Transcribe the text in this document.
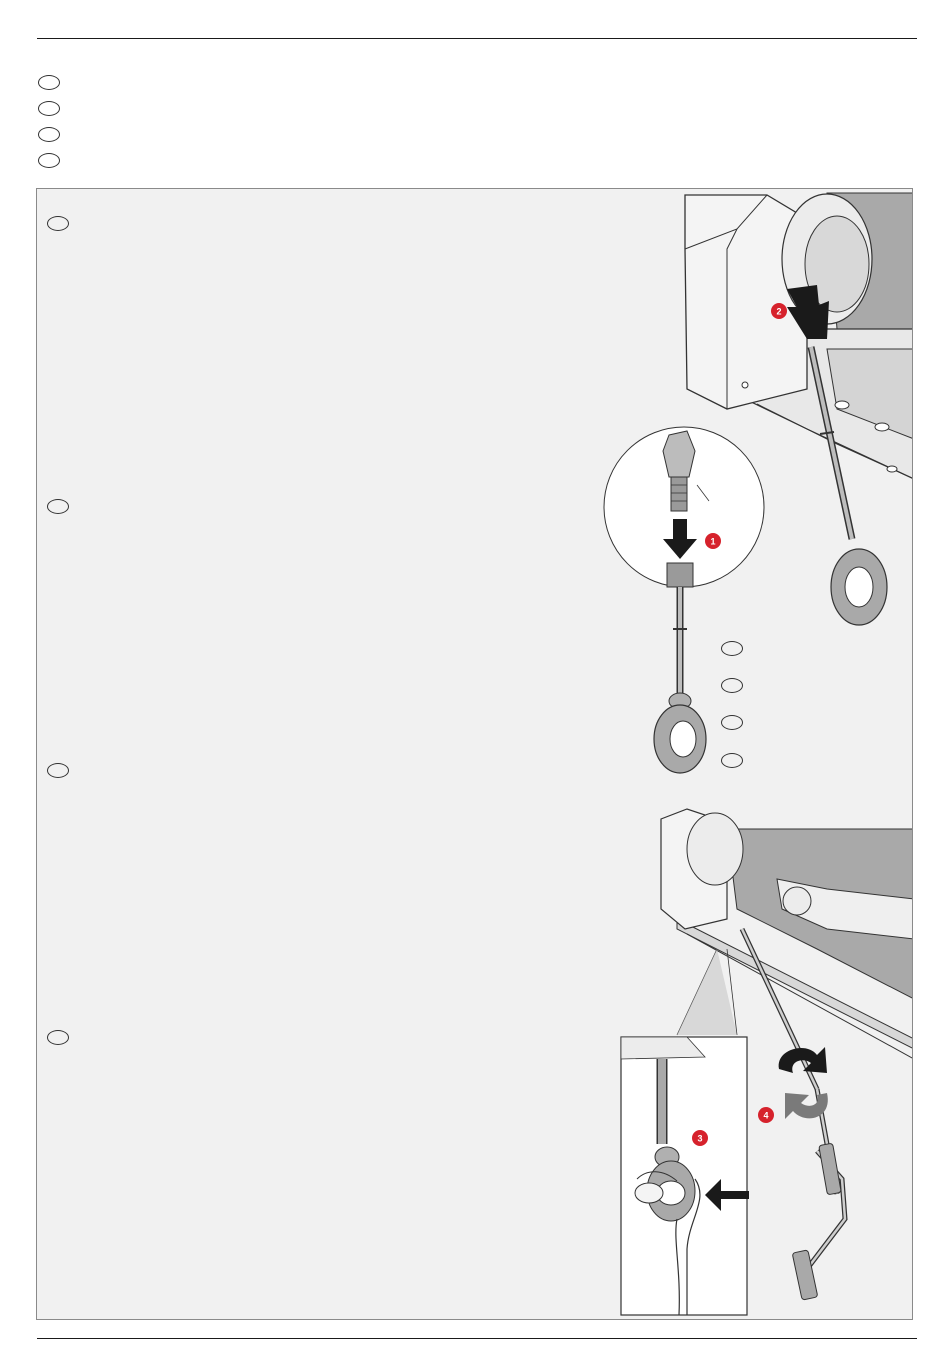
2
1
4
3
